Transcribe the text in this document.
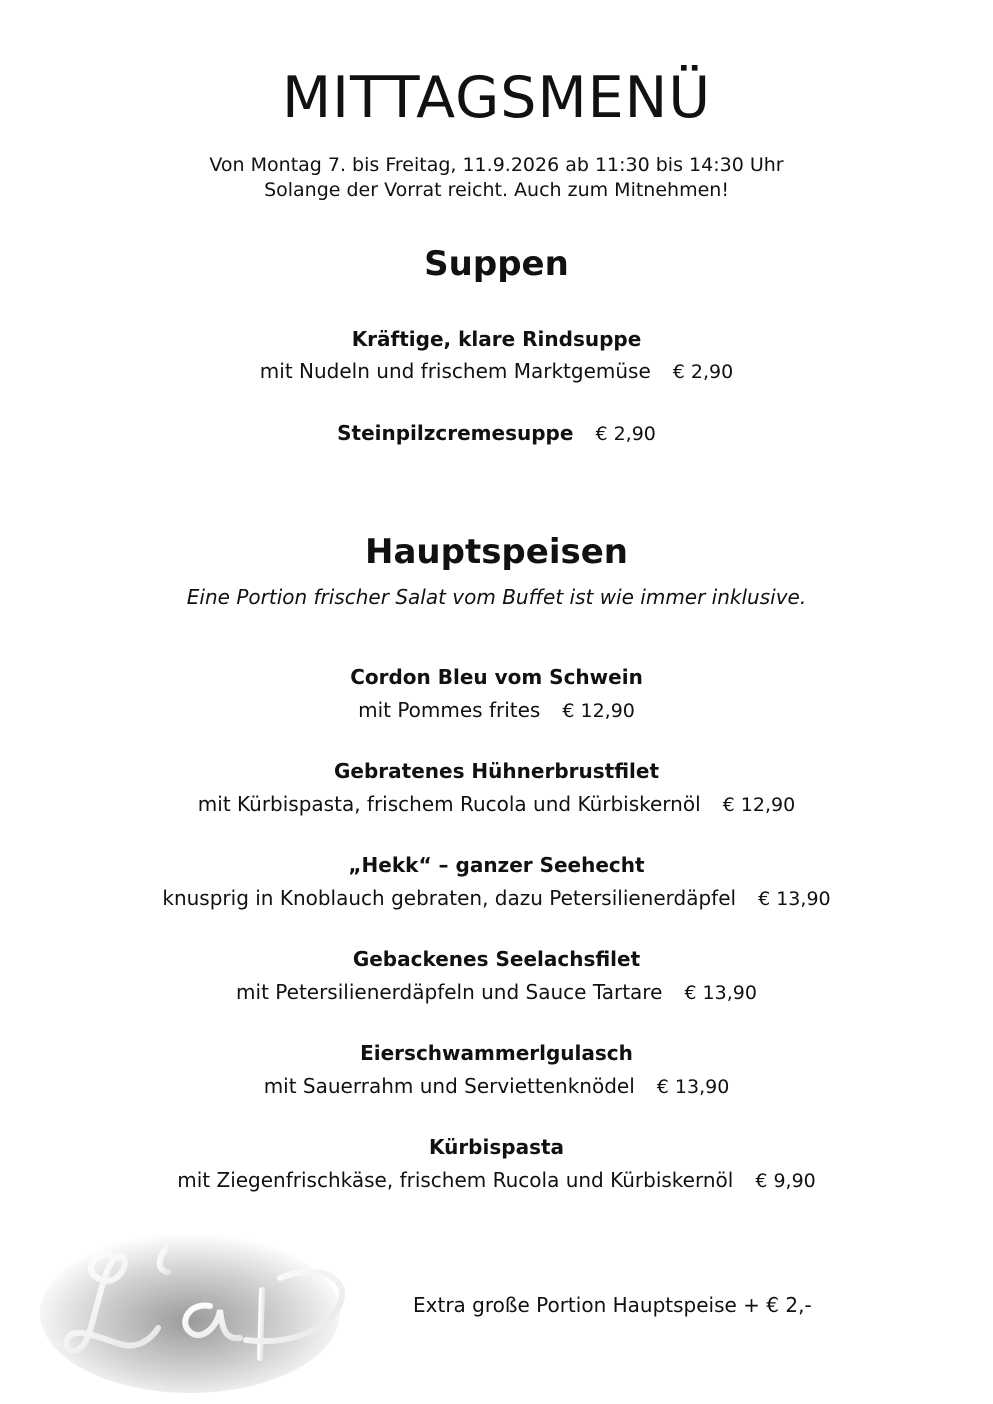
MITTAGSMENÜ
Von Montag 7. bis Freitag, 11.9.2026 ab 11:30 bis 14:30 Uhr
Solange der Vorrat reicht. Auch zum Mitnehmen!
Suppen
Kräftige, klare Rindsuppe
mit Nudeln und frischem Marktgemüse € 2,90
Steinpilzcremesuppe € 2,90
Hauptspeisen
Eine Portion frischer Salat vom Buffet ist wie immer inklusive.
Cordon Bleu vom Schwein
mit Pommes frites € 12,90
Gebratenes Hühnerbrustfilet
mit Kürbispasta, frischem Rucola und Kürbiskernöl € 12,90
„Hekk“ – ganzer Seehecht
knusprig in Knoblauch gebraten, dazu Petersilienerdäpfel € 13,90
Gebackenes Seelachsfilet
mit Petersilienerdäpfeln und Sauce Tartare € 13,90
Eierschwammerlgulasch
mit Sauerrahm und Serviettenknödel € 13,90
Kürbispasta
mit Ziegenfrischkäse, frischem Rucola und Kürbiskernöl € 9,90
La
Extra große Portion Hauptspeise + € 2,-
